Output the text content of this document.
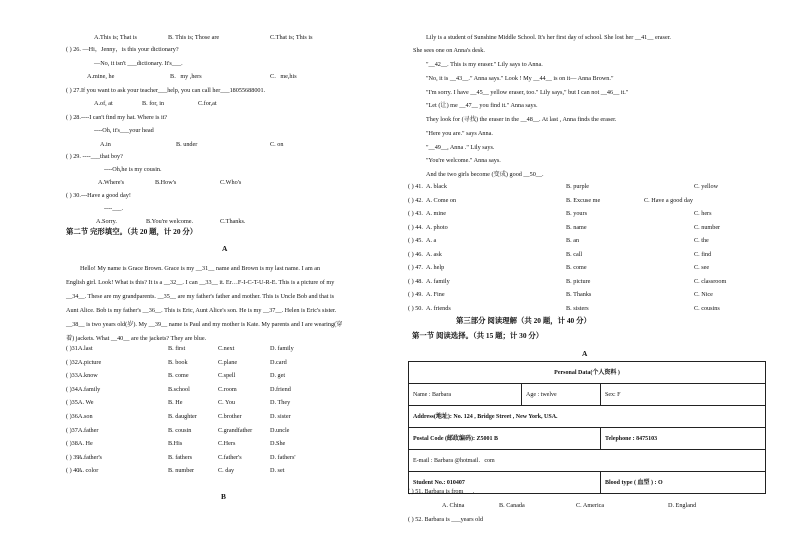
A.This is; That is	B. This is; Those are	C.That is; This is
( ) 26. —Hi，Jenny，is this your dictionary?
—No, it isn't ___dictionary. It's___.
A.mine, he	B．my ,hers	C．me,his
( ) 27.If you want to ask your teacher___help, you can call her___18055688001.
A.of, at	B. for, in	C.for,at
( ) 28.----I can't find my hat. Where is it?
----Oh, it's___your head
A.in	B. under	C. on
( ) 29. ----___that boy?
----Oh,he is my cousin.
A.Where's	B.How's	C.Who's
( ) 30.---Have a good day!
----___.
A.Sorry.	B.You're welcome.	C.Thanks.
第二节 完形填空。（共 20 题，计 20 分）
A
Hello! My name is Grace Brown. Grace is my __31__ name and Brown is my last name. I am an
English girl. Look! What is this? It is a __32__. I can __33__ it. Er…F-I-C-T-U-R-E. This is a picture of my
__34__. These are my grandparents. __35__ are my father's father and mother. This is Uncle Bob and that is
Aunt Alice. Bob is my father's __36__. This is Eric, Aunt Alice's son. He is my __37__. Helen is Eric's sister.
__38__ is two years old(岁). My __39__ name is Paul and my mother is Kate. My parents and I are wearing(穿
着) jackets. What __40__ are the jackets? They are blue.
( )31.
A.last	B. first	C.next	D. family
( )32.
A.picture	B. book	C.plane	D.card
( )33.
A.know	B. come	C.spell	D. get
( )34.
A.family	B.school	C.room	D.friend
( )35.
A. We	B. He	C. You	D. They
( )36.
A.son	B. daughter	C.brother	D. sister
( )37.
A.father	B. cousin	C.grandfather	D.uncle
( )38.
A. He	B.His	C.Hers	D.She
( ) 39.
A.father's	B. fathers	C.father's	D. fathers'
( ) 40.
A. color	B. number	C. day	D. set
B
Lily is a student of Sunshine Middle School. It's her first day of school. She lost her __41__ eraser.
She sees one on Anna's desk.
"__42__. This is my eraser." Lily says to Anna.
"No, it is __43__." Anna says." Look ! My __44__ is on it— Anna Brown."
"I'm sorry. I have __45__ yellow eraser, too." Lily says," but I can not __46__ it."
"Let (让) me __47__ you find it." Anna says.
They look for (寻找) the eraser in the __48__. At last , Anna finds the eraser.
"Here you are." says Anna.
"__49__, Anna ." Lily says.
"You're welcome." Anna says.
And the two girls become (变成) good __50__.
( ) 41. A. black	B. purple	C. yellow
( ) 42. A. Come on	B. Excuse me	C. Have a good day
( ) 43. A. mine	B. yours	C. hers
( ) 44. A. photo	B. name	C. number
( ) 45. A. a	B. an	C. the
( ) 46. A. ask	B. call	C. find
( ) 47. A. help	B. come	C. see
( ) 48. A. family	B. picture	C. classroom
( ) 49. A. Fine	B. Thanks	C. Nice
( ) 50. A. friends	B. sisters	C. cousins
第三部分 阅读理解（共 20 题，计 40 分）
第一节 阅读选择。（共 15 题；计 30 分）
A
Personal Data(个人资料 )		
Name : Barbara	Age : twelve	Sex: F
Address(地址): No. 124 , Bridge Street , New York, USA.		
Postal Code (邮政编码): Z5001 B		Telephone : 8475103
E-mail : Barbara @hotmail．com		
Student No.: 010407		Blood type ( 血型 ) : O
( ) 51. Barbara is from___.
A. China	B. Canada	C. America	D. England
( ) 52. Barbara is ___years old
